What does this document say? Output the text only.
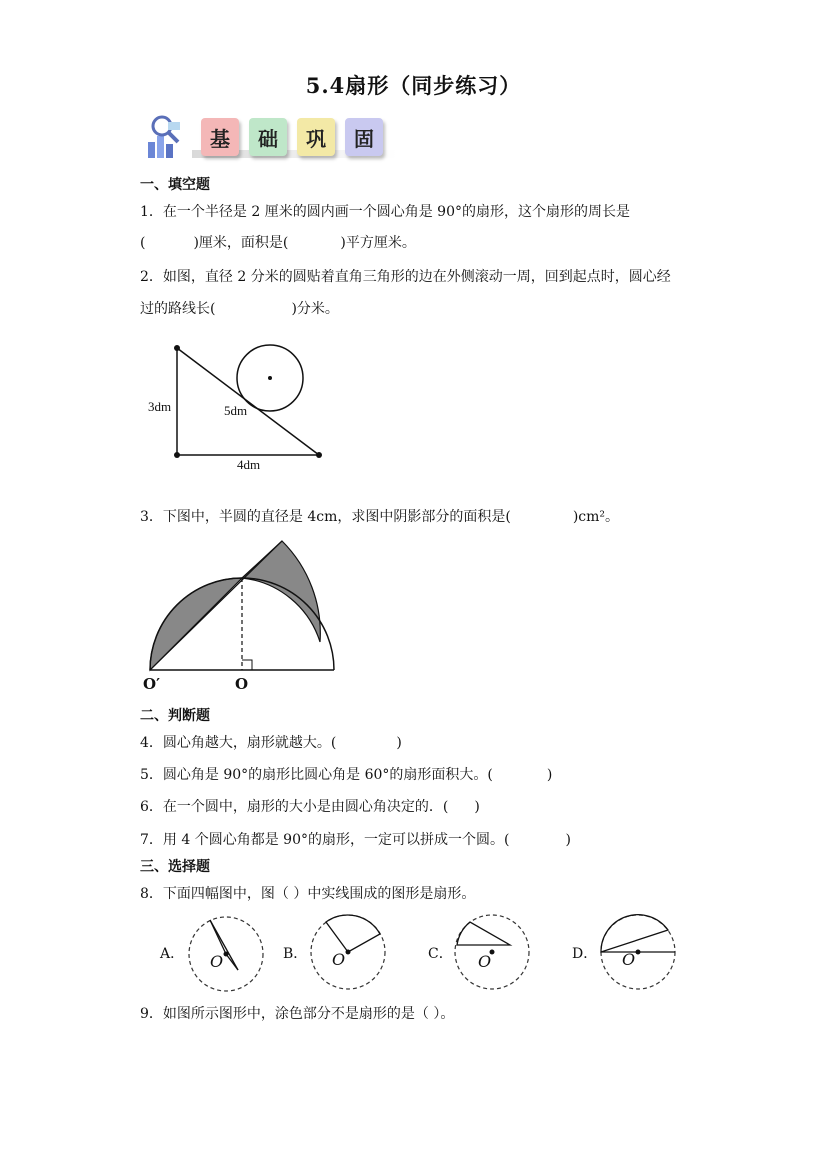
5.4扇形（同步练习）
基	础	巩	固
一、填空题
1．在一个半径是 2 厘米的圆内画一个圆心角是 90°的扇形，这个扇形的周长是
(	)厘米，面积是(	)平方厘米。
2．如图，直径 2 分米的圆贴着直角三角形的边在外侧滚动一周，回到起点时，圆心经
过的路线长(	)分米。
3dm	5dm
4dm
3．下图中，半圆的直径是 4cm，求图中阴影部分的面积是(	)cm²。
O′	O
二、判断题
4．圆心角越大，扇形就越大。(	)
5．圆心角是 90°的扇形比圆心角是 60°的扇形面积大。(	)
6．在一个圆中，扇形的大小是由圆心角决定的．( )
7．用 4 个圆心角都是 90°的扇形，一定可以拼成一个圆。(	)
三、选择题
8．下面四幅图中，图（ ）中实线围成的图形是扇形。
A． O	B． O	C． O	D． O
9．如图所示图形中，涂色部分不是扇形的是（ ）。
